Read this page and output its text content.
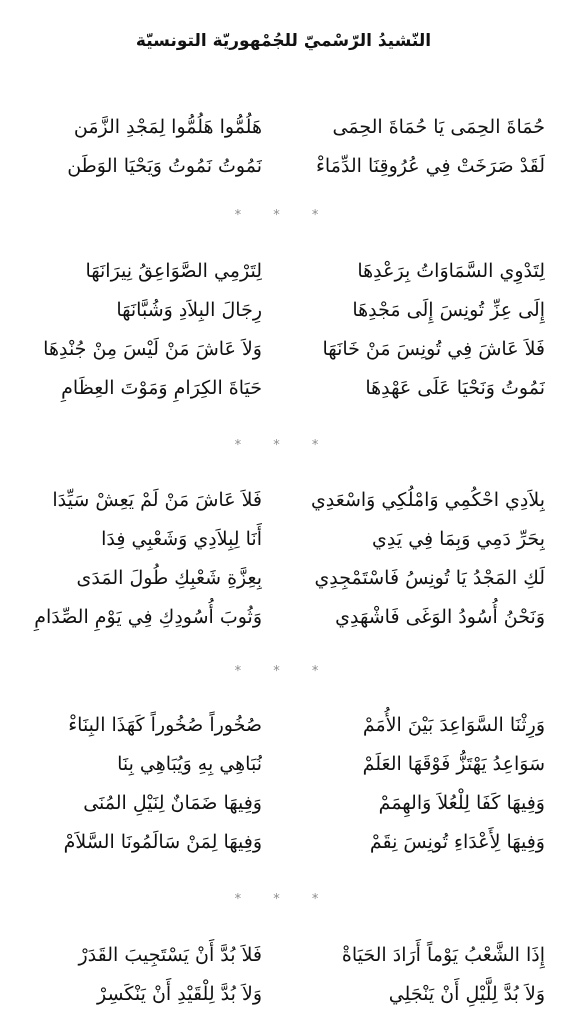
النّشيدُ الرّسْميّ للجُمْهوريّة التونسيّة
حُمَاةَ الحِمَى يَا حُمَاةَ الحِمَى
هَلُمُّوا هَلُمُّوا لِمَجْدِ الزَّمَن
لَقَدْ صَرَخَتْ فِي عُرُوقِنَا الدِّمَاءْ
نَمُوتُ نَمُوتُ وَيَحْيَا الوَطَن
* * *
لِتَدْوِي السَّمَاوَاتُ بِرَعْدِهَا
لِتَرْمِي الصَّوَاعِقُ نِيرَانَهَا
إِلَى عِزِّ تُونِسَ إِلَى مَجْدِهَا
رِجَالَ البِلاَدِ وَشُبَّانَهَا
فَلاَ عَاشَ فِي تُونِسَ مَنْ خَانَهَا
وَلاَ عَاشَ مَنْ لَيْسَ مِنْ جُنْدِهَا
نَمُوتُ وَنَحْيَا عَلَى عَهْدِهَا
حَيَاةَ الكِرَامِ وَمَوْتَ العِظَامِ
* * *
بِلاَدِي احْكُمِي وَامْلُكِي وَاسْعَدِي
فَلاَ عَاشَ مَنْ لَمْ يَعِشْ سَيِّدَا
بِحَرِّ دَمِي وَبِمَا فِي يَدِي
أَنَا لِبِلاَدِي وَشَعْبِي فِدَا
لَكِ المَجْدُ يَا تُونِسُ فَاسْتَمْجِدِي
بِعِزَّةِ شَعْبِكِ طُولَ المَدَى
وَنَحْنُ أُسُودُ الوَغَى فَاشْهَدِي
وَثُوبَ أُسُودِكِ فِي يَوْمِ الصِّدَامِ
* * *
وَرِثْنَا السَّوَاعِدَ بَيْنَ الأُمَمْ
صُخُوراً صُخُوراً كَهَذَا البِنَاءْ
سَوَاعِدُ يَهْتَزُّ فَوْقَهَا العَلَمْ
نُبَاهِي بِهِ وَيُبَاهِي بِنَا
وَفِيهَا كَفَا لِلْعُلاَ وَالهِمَمْ
وَفِيهَا ضَمَانٌ لِنَيْلِ المُنَى
وَفِيهَا لِأَعْدَاءِ تُونِسَ نِقَمْ
وَفِيهَا لِمَنْ سَالَمُونَا السَّلاَمْ
* * *
إِذَا الشَّعْبُ يَوْماً أَرَادَ الحَيَاةْ
فَلاَ بُدَّ أَنْ يَسْتَجِيبَ القَدَرْ
وَلاَ بُدَّ لِلَّيْلِ أَنْ يَنْجَلِي
وَلاَ بُدَّ لِلْقَيْدِ أَنْ يَنْكَسِرْ
